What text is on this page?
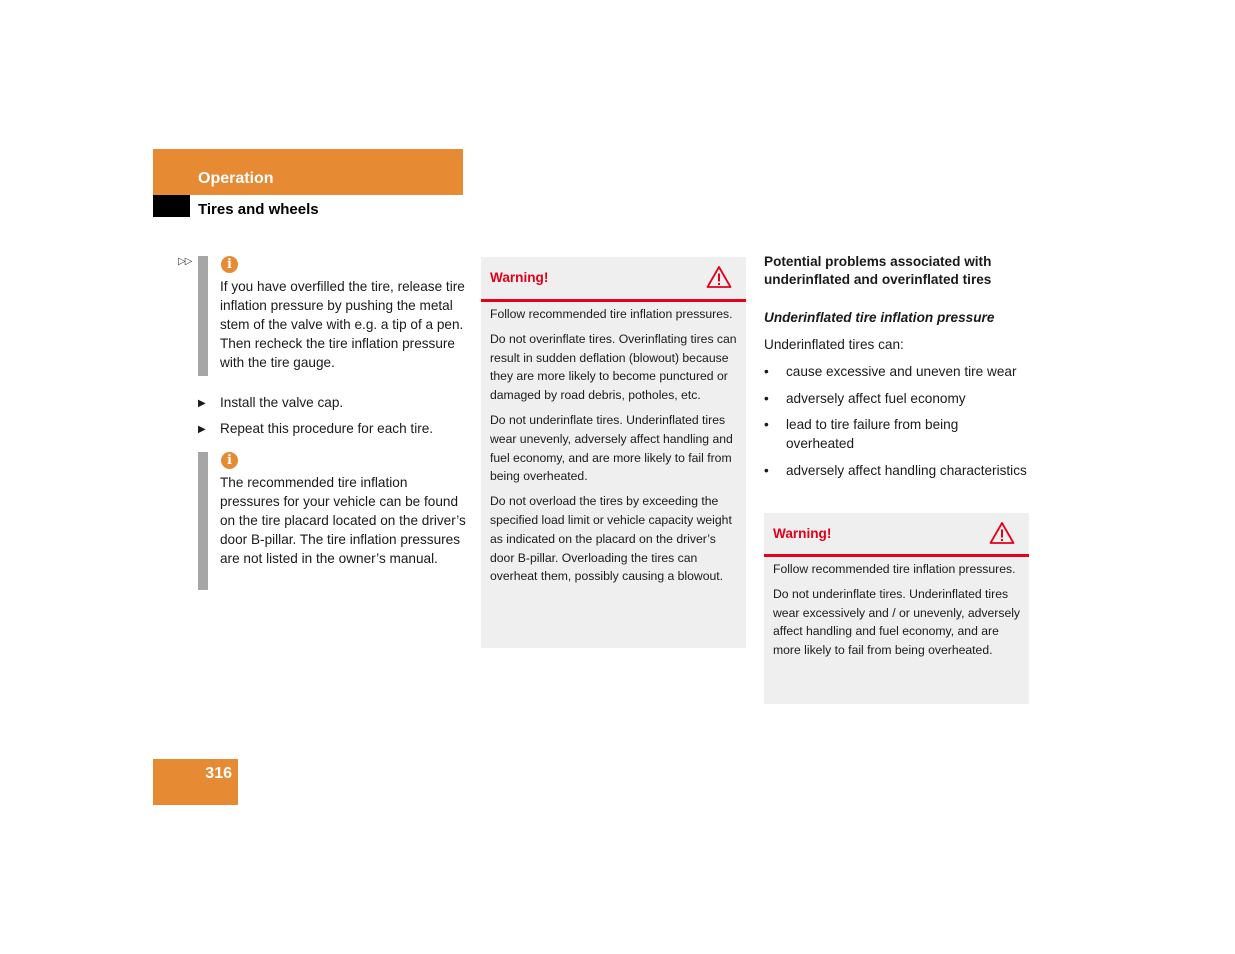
Operation
Tires and wheels
▷▷	i
If you have overfilled the tire, release tire inflation pressure by pushing the metal stem of the valve with e.g. a tip of a pen. Then recheck the tire inflation pressure with the tire gauge.
▶ Install the valve cap.
▶ Repeat this procedure for each tire.
i
The recommended tire inflation pressures for your vehicle can be found on the tire placard located on the driver’s door B-pillar. The tire inflation pressures are not listed in the owner’s manual.
Warning!

Follow recommended tire inflation pressures.

Do not overinflate tires. Overinflating tires can result in sudden deflation (blowout) because they are more likely to become punctured or damaged by road debris, potholes, etc.

Do not underinflate tires. Underinflated tires wear unevenly, adversely affect handling and fuel economy, and are more likely to fail from being overheated.

Do not overload the tires by exceeding the specified load limit or vehicle capacity weight as indicated on the placard on the driver’s door B-pillar. Overloading the tires can overheat them, possibly causing a blowout.

Potential problems associated with underinflated and overinflated tires
Underinflated tire inflation pressure
Underinflated tires can:
• cause excessive and uneven tire wear
• adversely affect fuel economy
• lead to tire failure from being overheated
• adversely affect handling characteristics
Warning!

Follow recommended tire inflation pressures.

Do not underinflate tires. Underinflated tires wear excessively and / or unevenly, adversely affect handling and fuel economy, and are more likely to fail from being overheated.

316
